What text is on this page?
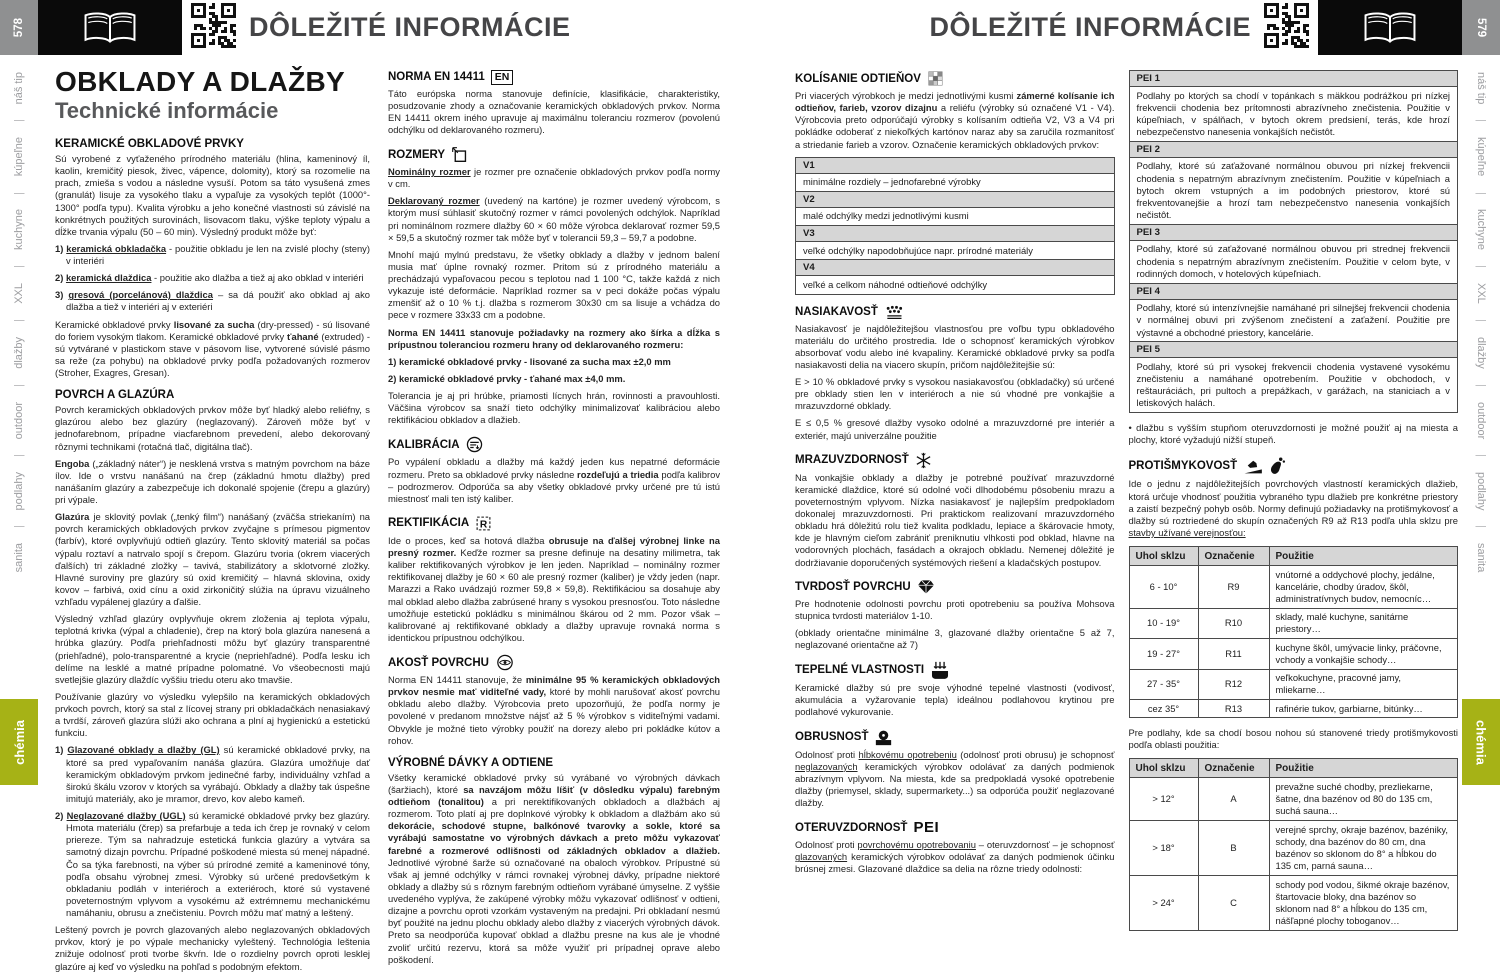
DÔLEŽITÉ INFORMÁCIE
578
náš tip
|
kúpeľne
|
kuchyne
|
XXL
|
dlažby
|
outdoor
|
podlahy
|
sanita
chémia
OBKLADY A DLAŽBY
Technické informácie
KERAMICKÉ OBKLADOVÉ PRVKY

Sú vyrobené z vyťaženého prírodného materiálu (hlina, kameninový íl, kaolin, kremičitý piesok, živec, vápence, dolomity), ktorý sa rozomelie na prach, zmieša s vodou a následne vysuší. Potom sa táto vysušená zmes (granulát) lisuje za vysokého tlaku a vypaľuje za vysokých teplôt (1000°- 1300° podľa typu). Kvalita výrobku a jeho konečné vlastnosti sú závislé na konkrétnych použitých surovinách, lisovacom tlaku, výške teploty výpalu a dĺžke trvania výpalu (50 – 60 min). Výsledný produkt môže byť:

1) keramická obkladačka - použitie obkladu je len na zvislé plochy (steny) v interiéri

2) keramická dlaždica - použitie ako dlažba a tiež aj ako obklad v interiéri

3) gresová (porcelánová) dlaždica – sa dá použiť ako obklad aj ako dlažba a tiež v interiéri aj v exteriéri

Keramické obkladové prvky lisované za sucha (dry-pressed) - sú lisované do foriem vysokým tlakom. Keramické obkladové prvky ťahané (extruded) - sú vytvárané v plastickom stave v pásovom lise, vytvorené súvislé pásmo sa reže (za pohybu) na obkladové prvky podľa požadovaných rozmerov (Stroher, Exagres, Gresan).

POVRCH A GLAZÚRA

Povrch keramických obkladových prvkov môže byť hladký alebo reliéfny, s glazúrou alebo bez glazúry (neglazovaný). Zároveň môže byť v jednofarebnom, prípadne viacfarebnom prevedení, alebo dekorovaný rôznymi technikami (rotačná tlač, digitálna tlač).

Engoba („základný náter“) je nesklená vrstva s matným povrchom na báze ílov. Ide o vrstvu nanášanú na črep (základnú hmotu dlažby) pred nanášaním glazúry a zabezpečuje ich dokonalé spojenie (črepu a glazúry) pri výpale.

Glazúra je sklovitý povlak („tenký film“) nanášaný (zväčša striekaním) na povrch keramických obkladových prvkov zvyčajne s prímesou pigmentov (farbív), ktoré ovplyvňujú odtieň glazúry. Tento sklovitý materiál sa počas výpalu roztaví a natrvalo spojí s črepom. Glazúru tvoria (okrem viacerých ďalších) tri základné zložky – tavivá, stabilizátory a sklotvorné zložky. Hlavné suroviny pre glazúry sú oxid kremičitý – hlavná sklovina, oxidy kovov – farbivá, oxid cínu a oxid zirkoničitý slúžia na úpravu vizuálneho vzhľadu vypálenej glazúry a ďalšie.

Výsledný vzhľad glazúry ovplyvňuje okrem zloženia aj teplota výpalu, teplotná krivka (výpal a chladenie), črep na ktorý bola glazúra nanesená a hrúbka glazúry. Podľa priehľadnosti môžu byť glazúry transparentné (priehľadné), polo-transparentné a krycie (nepriehľadné). Podľa lesku ich delíme na lesklé a matné prípadne polomatné. Vo všeobecnosti majú svetlejšie glazúry dlaždíc vyššiu triedu oteru ako tmavšie.

Používanie glazúry vo výsledku vylepšilo na keramických obkladových prvkoch povrch, ktorý sa stal z lícovej strany pri obkladačkách nenasiakavý a tvrdší, zároveň glazúra slúži ako ochrana a plní aj hygienickú a estetickú funkciu.

1) Glazované obklady a dlažby (GL) sú keramické obkladové prvky, na ktoré sa pred vypaľovaním nanáša glazúra. Glazúra umožňuje dať keramickým obkladovým prvkom jedinečné farby, individuálny vzhľad a širokú škálu vzorov v ktorých sa vyrábajú. Obklady a dlažby tak úspešne imitujú materiály, ako je mramor, drevo, kov alebo kameň.

2) Neglazované dlažby (UGL) sú keramické obkladové prvky bez glazúry. Hmota materiálu (črep) sa prefarbuje a teda ich črep je rovnaký v celom priereze. Tým sa nahradzuje estetická funkcia glazúry a vytvára sa samotný dizajn povrchu. Prípadné poškodené miesta sú menej nápadné. Čo sa týka farebnosti, na výber sú prírodné zemité a kameninové tóny, podľa obsahu výrobnej zmesi. Výrobky sú určené predovšetkým k obkladaniu podláh v interiéroch a exteriéroch, ktoré sú vystavené poveternostným vplyvom a vysokému až extrémnemu mechanickému namáhaniu, obrusu a znečisteniu. Povrch môžu mať matný a leštený.

Leštený povrch je povrch glazovaných alebo neglazovaných obkladových prvkov, ktorý je po výpale mechanicky vyleštený. Technológia leštenia znižuje odolnosť proti tvorbe škvŕn. Ide o rozdielny povrch oproti lesklej glazúre aj keď vo výsledku na pohľad s podobným efektom.

NORMA EN 14411 EN

Táto európska norma stanovuje definície, klasifikácie, charakteristiky, posudzovanie zhody a označovanie keramických obkladových prvkov. Norma EN 14411 okrem iného upravuje aj maximálnu toleranciu rozmerov (povolenú odchýlku od deklarovaného rozmeru).

ROZMERY

Nominálny rozmer je rozmer pre označenie obkladových prvkov podľa normy v cm.

Deklarovaný rozmer (uvedený na kartóne) je rozmer uvedený výrobcom, s ktorým musí súhlasiť skutočný rozmer v rámci povolených odchýlok. Napríklad pri nominálnom rozmere dlažby 60 × 60 môže výrobca deklarovať rozmer 59,5 × 59,5 a skutočný rozmer tak môže byť v tolerancii 59,3 – 59,7 a podobne.

Mnohí majú mylnú predstavu, že všetky obklady a dlažby v jednom balení musia mať úplne rovnaký rozmer. Pritom sú z prírodného materiálu a prechádzajú vypaľovacou pecou s teplotou nad 1 100 °C, takže každá z nich vykazuje isté deformácie. Napríklad rozmer sa v peci dokáže počas výpalu zmenšiť až o 10 % t.j. dlažba s rozmerom 30x30 cm sa lisuje a vchádza do pece v rozmere 33x33 cm a podobne.

Norma EN 14411 stanovuje požiadavky na rozmery ako šírka a dĺžka s prípustnou toleranciou rozmeru hrany od deklarovaného rozmeru:

1) keramické obkladové prvky - lisované za sucha max ±2,0 mm

2) keramické obkladové prvky - ťahané max ±4,0 mm.

Tolerancia je aj pri hrúbke, priamosti lícnych hrán, rovinnosti a pravouhlosti. Väčšina výrobcov sa snaží tieto odchýlky minimalizovať kalibráciou alebo rektifikáciou obkladov a dlažieb.

KALIBRÁCIA

Po vypálení obkladu a dlažby má každý jeden kus nepatrné deformácie rozmeru. Preto sa obkladové prvky následne rozdeľujú a triedia podľa kalibrov – podrozmerov. Odporúča sa aby všetky obkladové prvky určené pre tú istú miestnosť mali ten istý kaliber.

REKTIFIKÁCIA R

Ide o proces, keď sa hotová dlažba obrusuje na ďalšej výrobnej linke na presný rozmer. Keďže rozmer sa presne definuje na desatiny milimetra, tak kaliber rektifikovaných výrobkov je len jeden. Napríklad – nominálny rozmer rektifikovanej dlažby je 60 × 60 ale presný rozmer (kaliber) je vždy jeden (napr. Marazzi a Rako uvádzajú rozmer 59,8 × 59,8). Rektifikáciou sa dosahuje aby mal obklad alebo dlažba zabrúsené hrany s vysokou presnosťou. Toto následne umožňuje estetickú pokládku s minimálnou škárou od 2 mm. Pozor však – kalibrované aj rektifikované obklady a dlažby upravuje rovnaká norma s identickou prípustnou odchýlkou.

AKOSŤ POVRCHU

Norma EN 14411 stanovuje, že minimálne 95 % keramických obkladových prvkov nesmie mať viditeľné vady, ktoré by mohli narušovať akosť povrchu obkladu alebo dlažby. Výrobcovia preto upozorňujú, že podľa normy je povolené v predanom množstve nájsť až 5 % výrobkov s viditeľnými vadami. Obvykle je možné tieto výrobky použiť na dorezy alebo pri pokládke kútov a rohov.

VÝROBNÉ DÁVKY A ODTIENE

Všetky keramické obkladové prvky sú vyrábané vo výrobných dávkach (šaržiach), ktoré sa navzájom môžu líšiť (v dôsledku výpalu) farebným odtieňom (tonalitou) a pri nerektifikovaných obkladoch a dlažbách aj rozmerom. Toto platí aj pre doplnkové výrobky k obkladom a dlažbám ako sú dekorácie, schodové stupne, balkónové tvarovky a sokle, ktoré sa vyrábajú samostatne vo výrobných dávkach a preto môžu vykazovať farebné a rozmerové odlišnosti od základných obkladov a dlažieb. Jednotlivé výrobné šarže sú označované na obaloch výrobkov. Prípustné sú však aj jemné odchýlky v rámci rovnakej výrobnej dávky, prípadne niektoré obklady a dlažby sú s rôznym farebným odtieňom vyrábané úmyselne. Z vyššie uvedeného vyplýva, že zakúpené výrobky môžu vykazovať odlišnosť v odtieni, dizajne a povrchu oproti vzorkám vystaveným na predajni. Pri obkladaní nesmú byť použité na jednu plochu obklady alebo dlažby z viacerých výrobných dávok. Preto sa neodporúča kupovať obklad a dlažbu presne na kus ale je vhodné zvoliť určitú rezervu, ktorá sa môže využiť pri prípadnej oprave alebo poškodení.

DÔLEŽITÉ INFORMÁCIE	579
náš tip
|
kúpeľne
|
kuchyne
|
XXL
|
dlažby
|
outdoor
|
podlahy
|
sanita
chémia
KOLÍSANIE ODTIEŇOV

Pri viacerých výrobkoch je medzi jednotlivými kusmi zámerné kolísanie ich odtieňov, farieb, vzorov dizajnu a reliéfu (výrobky sú označené V1 - V4). Výrobcovia preto odporúčajú výrobky s kolísaním odtieňa V2, V3 a V4 pri pokládke odoberať z niekoľkých kartónov naraz aby sa zaručila rozmanitosť a striedanie farieb a vzorov. Označenie keramických obkladových prvkov:

V1
minimálne rozdiely – jednofarebné výrobky
V2
malé odchýlky medzi jednotlivými kusmi
V3
veľké odchýlky napodobňujúce napr. prírodné materiály
V4
veľké a celkom náhodné odtieňové odchýlky
NASIAKAVOSŤ

Nasiakavosť je najdôležitejšou vlastnosťou pre voľbu typu obkladového materiálu do určitého prostredia. Ide o schopnosť keramických výrobkov absorbovať vodu alebo iné kvapaliny. Keramické obkladové prvky sa podľa nasiakavosti delia na viacero skupín, pričom najdôležitejšie sú:

E > 10 % obkladové prvky s vysokou nasiakavosťou (obkladačky) sú určené pre obklady stien len v interiéroch a nie sú vhodné pre vonkajšie a mrazuvzdorné obklady.

E ≤ 0,5 % gresové dlažby vysoko odolné a mrazuvzdorné pre interiér a exteriér, majú univerzálne použitie

MRAZUVZDORNOSŤ

Na vonkajšie obklady a dlažby je potrebné používať mrazuvzdorné keramické dlaždice, ktoré sú odolné voči dlhodobému pôsobeniu mrazu a poveternostným vplyvom. Nízka nasiakavosť je najlepším predpokladom dokonalej mrazuvzdornosti. Pri praktickom realizovaní mrazuvzdorného obkladu hrá dôležitú rolu tiež kvalita podkladu, lepiace a škárovacie hmoty, kde je hlavným cieľom zabrániť preniknutiu vlhkosti pod obklad, hlavne na vodorovných plochách, fasádach a okrajoch obkladu. Nemenej dôležité je dodržiavanie doporučených systémových riešení a kladačských postupov.

TVRDOSŤ POVRCHU

Pre hodnotenie odolnosti povrchu proti opotrebeniu sa používa Mohsova stupnica tvrdosti materiálov 1-10.

(obklady orientačne minimálne 3, glazované dlažby orientačne 5 až 7, neglazované orientačne až 7)

TEPELNÉ VLASTNOSTI

Keramické dlažby sú pre svoje výhodné tepelné vlastnosti (vodivosť, akumulácia a vyžarovanie tepla) ideálnou podlahovou krytinou pre podlahové vykurovanie.

OBRUSNOSŤ

Odolnosť proti hĺbkovému opotrebeniu (odolnosť proti obrusu) je schopnosť neglazovaných keramických výrobkov odolávať za daných podmienok abrazívnym vplyvom. Na miesta, kde sa predpokladá vysoké opotrebenie dlažby (priemysel, sklady, supermarkety...) sa odporúča použiť neglazované dlažby.

OTERUVZDORNOSŤ PEI

Odolnosť proti povrchovému opotrebovaniu – oteruvzdornosť – je schopnosť glazovaných keramických výrobkov odolávať za daných podmienok účinku brúsnej zmesi. Glazované dlaždice sa delia na rôzne triedy odolnosti:

PEI 1
Podlahy po ktorých sa chodí v topánkach s mäkkou podrážkou pri nízkej frekvencii chodenia bez prítomnosti abrazívneho znečistenia. Použitie v kúpeľniach, v spálňach, v bytoch okrem predsiení, terás, kde hrozí nebezpečenstvo nanesenia vonkajších nečistôt.
PEI 2
Podlahy, ktoré sú zaťažované normálnou obuvou pri nízkej frekvencii chodenia s nepatrným abrazívnym znečistením. Použitie v kúpeľniach a bytoch okrem vstupných a im podobných priestorov, ktoré sú frekventovanejšie a hrozí tam nebezpečenstvo nanesenia vonkajších nečistôt.
PEI 3
Podlahy, ktoré sú zaťažované normálnou obuvou pri strednej frekvencii chodenia s nepatrným abrazívnym znečistením. Použitie v celom byte, v rodinných domoch, v hotelových kúpeľniach.
PEI 4
Podlahy, ktoré sú intenzívnejšie namáhané pri silnejšej frekvencii chodenia v normálnej obuvi pri zvýšenom znečistení a zaťažení. Použitie pre výstavné a obchodné priestory, kancelárie.
PEI 5
Podlahy, ktoré sú pri vysokej frekvencii chodenia vystavené vysokému znečisteniu a namáhané opotrebením. Použitie v obchodoch, v reštauráciách, pri pultoch a prepážkach, v garážach, na staniciach a v letiskových halách.

• dlažbu s vyšším stupňom oteruvzdornosti je možné použiť aj na miesta a plochy, ktoré vyžadujú nižší stupeň.

PROTIŠMYKOVOSŤ

Ide o jednu z najdôležitejších povrchových vlastností keramických dlažieb, ktorá určuje vhodnosť použitia vybraného typu dlažieb pre konkrétne priestory a zaistí bezpečný pohyb osôb. Normy definujú požiadavky na protišmykovosť a dlažby sú roztriedené do skupín označených R9 až R13 podľa uhla sklzu pre stavby užívané verejnosťou:

Uhol sklzu	Označenie	Použitie
6 - 10°	R9	vnútorné a oddychové plochy, jedálne, kancelárie, chodby úradov, škôl, administratívnych budov, nemocníc…
10 - 19°	R10	sklady, malé kuchyne, sanitárne priestory…
19 - 27°	R11	kuchyne škôl, umývacie linky, práčovne, vchody a vonkajšie schody…
27 - 35°	R12	veľkokuchyne, pracovné jamy, mliekarne…
cez 35°	R13	rafinérie tukov, garbiarne, bitúnky…

Pre podlahy, kde sa chodí bosou nohou sú stanovené triedy protišmykovosti podľa oblasti použitia:

Uhol sklzu	Označenie	Použitie
> 12°	A	prevažne suché chodby, prezliekarne, šatne, dna bazénov od 80 do 135 cm, suchá sauna…
> 18°	B	verejné sprchy, okraje bazénov, bazéniky, schody, dna bazénov do 80 cm, dna bazénov so sklonom do 8° a hĺbkou do 135 cm, parná sauna…
> 24°	C	schody pod vodou, šikmé okraje bazénov, štartovacie bloky, dna bazénov so sklonom nad 8° a hĺbkou do 135 cm, nášľapné plochy toboganov…
